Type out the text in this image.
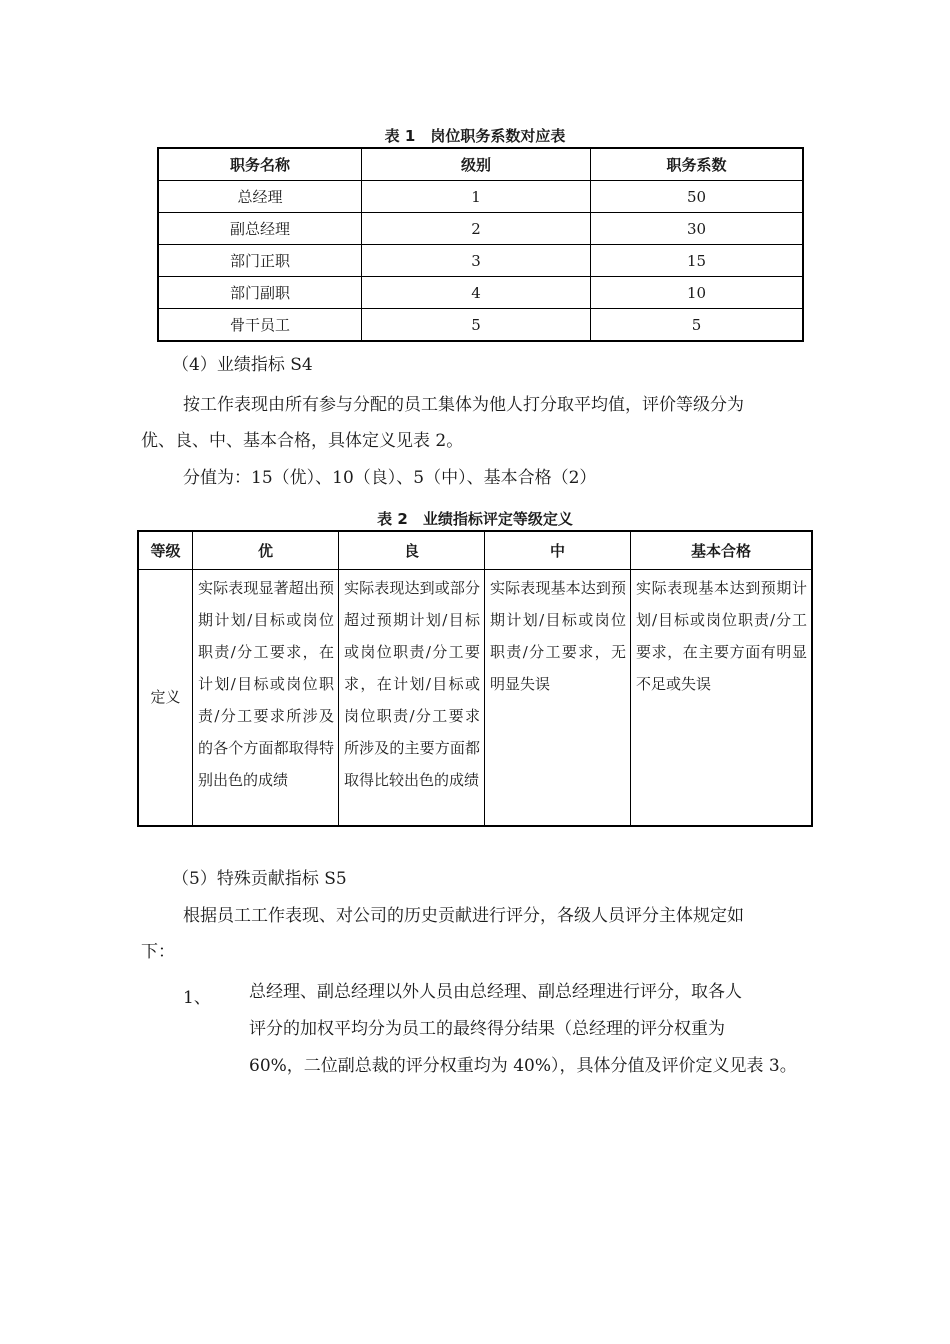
表 1　岗位职务系数对应表
职务名称	级别	职务系数
总经理	1	50
副总经理	2	30
部门正职	3	15
部门副职	4	10
骨干员工	5	5
（4）业绩指标 S4
按工作表现由所有参与分配的员工集体为他人打分取平均值，评价等级分为
优、良、中、基本合格，具体定义见表 2。
分值为：15（优）、10（良）、5（中）、基本合格（2）
表 2　业绩指标评定等级定义
等级	优	良	中	基本合格
定义	实际表现显著超出预期计划/目标或岗位职责/分工要求，在计划/目标或岗位职责/分工要求所涉及的各个方面都取得特别出色的成绩	实际表现达到或部分超过预期计划/目标或岗位职责/分工要求，在计划/目标或岗位职责/分工要求所涉及的主要方面都取得比较出色的成绩	实际表现基本达到预期计划/目标或岗位职责/分工要求，无明显失误	实际表现基本达到预期计划/目标或岗位职责/分工要求，在主要方面有明显不足或失误
（5）特殊贡献指标 S5
根据员工工作表现、对公司的历史贡献进行评分，各级人员评分主体规定如
下：
1、 总经理、副总经理以外人员由总经理、副总经理进行评分，取各人
评分的加权平均分为员工的最终得分结果（总经理的评分权重为
60%，二位副总裁的评分权重均为 40%），具体分值及评价定义见表 3。
